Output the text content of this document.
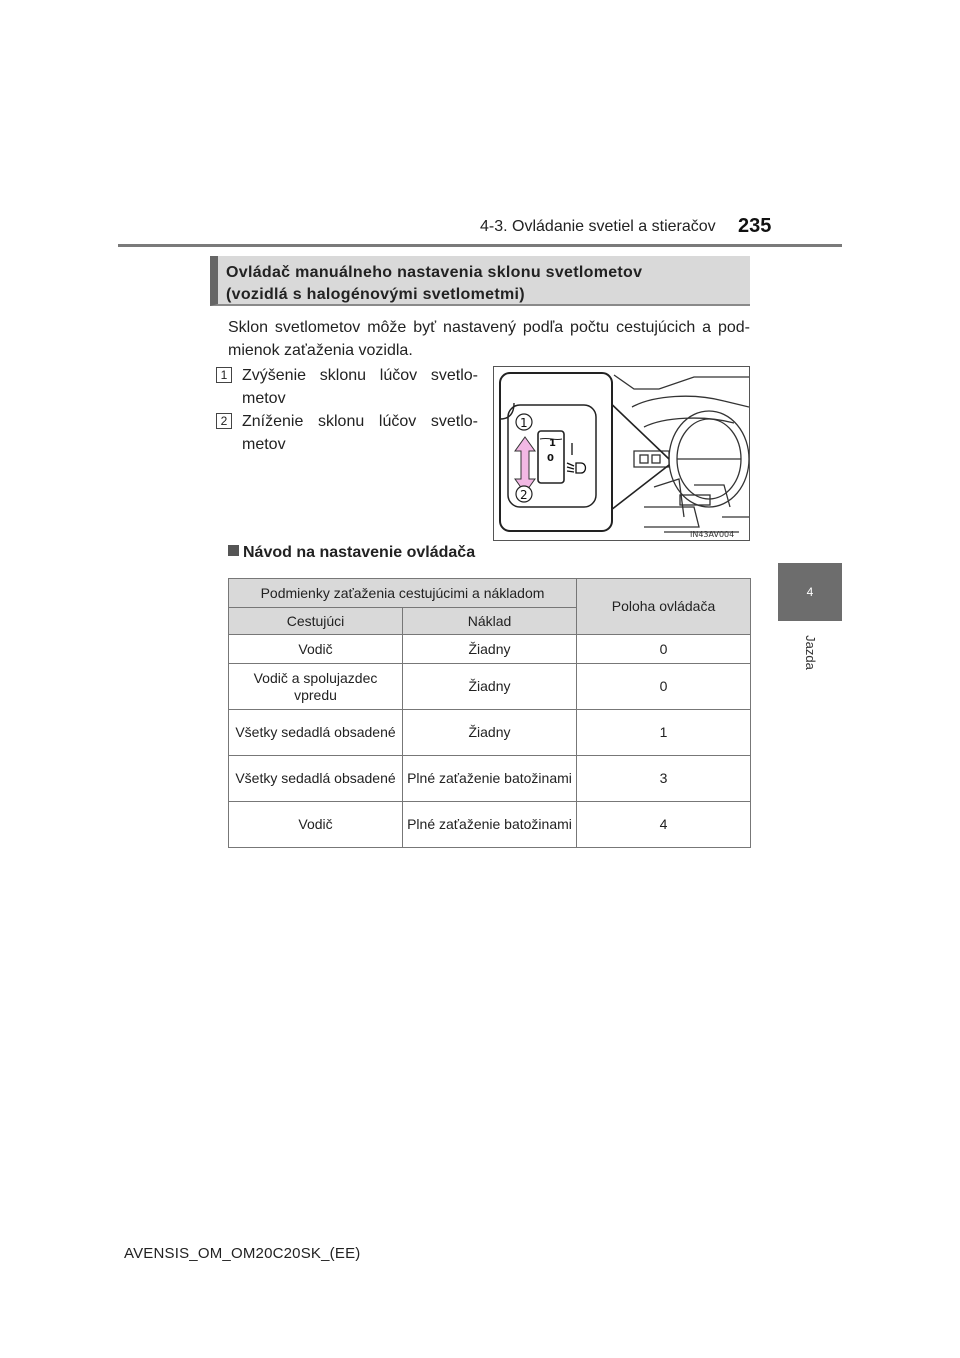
4-3. Ovládanie svetiel a stieračov 235
4
Jazda
Ovládač manuálneho nastavenia sklonu svetlometov
(vozidlá s halogénovými svetlometmi)
Sklon svetlometov môže byť nastavený podľa počtu cestujúcich a pod-mienok zaťaženia vozidla.
1 Zvýšenie sklonu lúčov svetlo-metov
2 Zníženie sklonu lúčov svetlo-metov	1
0
1
2
IN43AV004
Návod na nastavenie ovládača
Podmienky zaťaženia cestujúcimi a nákladom		Poloha ovládača
Cestujúci	Náklad	
Vodič	Žiadny	0
Vodič a spolujazdec vpredu	Žiadny	0
Všetky sedadlá obsadené	Žiadny	1
Všetky sedadlá obsadené	Plné zaťaženie batožinami	3
Vodič	Plné zaťaženie batožinami	4
AVENSIS_OM_OM20C20SK_(EE)
